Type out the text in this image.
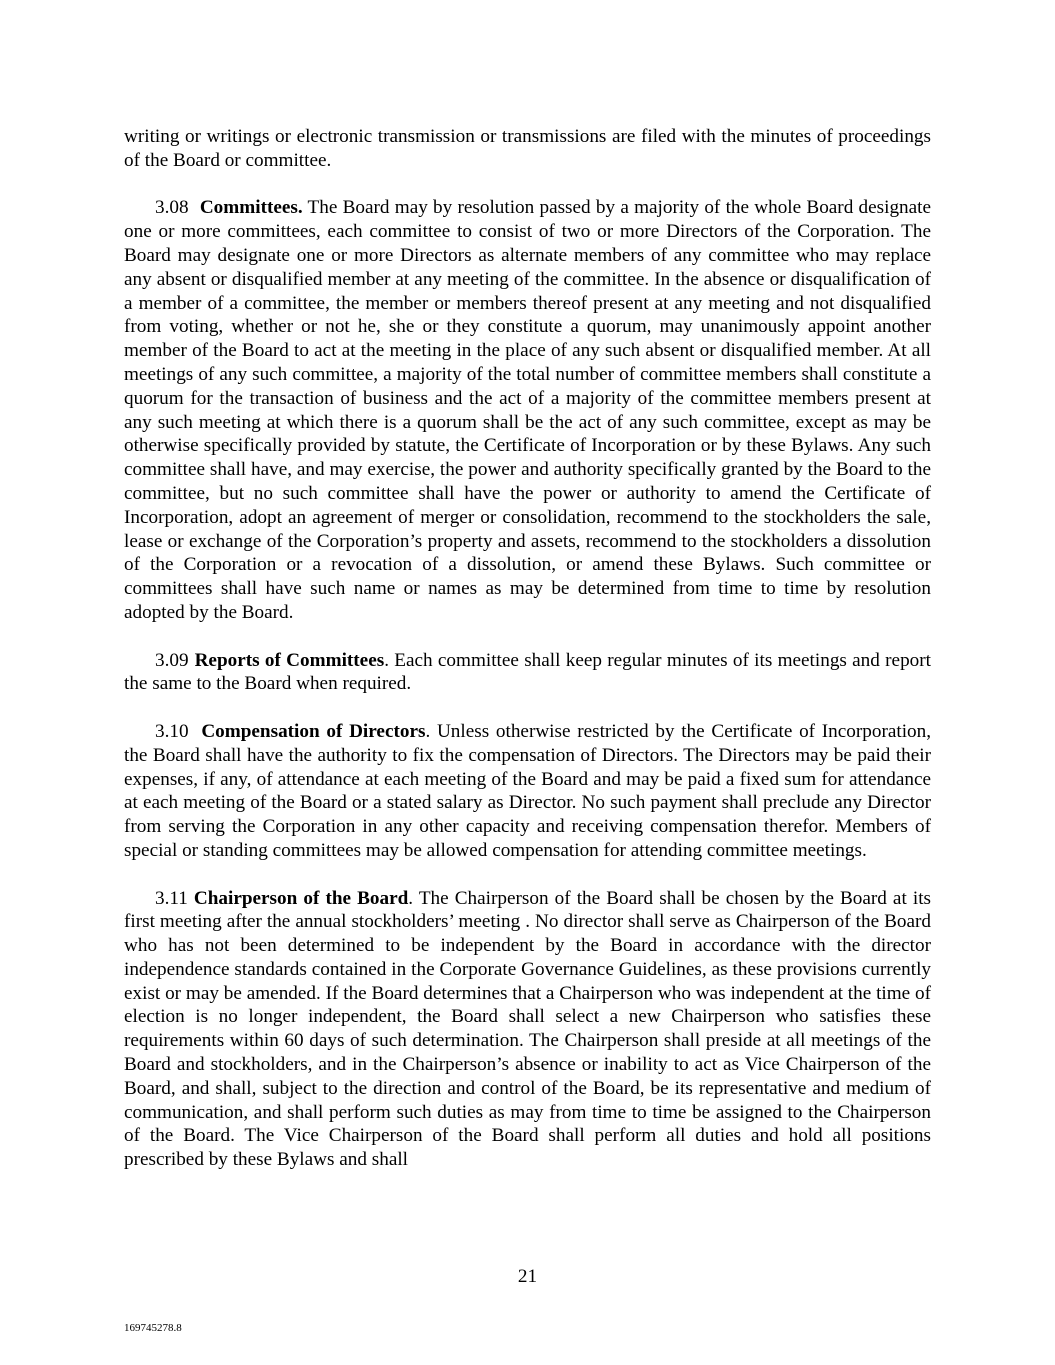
writing or writings or electronic transmission or transmissions are filed with the minutes of proceedings of the Board or committee.

3.08 Committees. The Board may by resolution passed by a majority of the whole Board designate one or more committees, each committee to consist of two or more Directors of the Corporation. The Board may designate one or more Directors as alternate members of any committee who may replace any absent or disqualified member at any meeting of the committee. In the absence or disqualification of a member of a committee, the member or members thereof present at any meeting and not disqualified from voting, whether or not he, she or they constitute a quorum, may unanimously appoint another member of the Board to act at the meeting in the place of any such absent or disqualified member. At all meetings of any such committee, a majority of the total number of committee members shall constitute a quorum for the transaction of business and the act of a majority of the committee members present at any such meeting at which there is a quorum shall be the act of any such committee, except as may be otherwise specifically provided by statute, the Certificate of Incorporation or by these Bylaws. Any such committee shall have, and may exercise, the power and authority specifically granted by the Board to the committee, but no such committee shall have the power or authority to amend the Certificate of Incorporation, adopt an agreement of merger or consolidation, recommend to the stockholders the sale, lease or exchange of the Corporation’s property and assets, recommend to the stockholders a dissolution of the Corporation or a revocation of a dissolution, or amend these Bylaws. Such committee or committees shall have such name or names as may be determined from time to time by resolution adopted by the Board.

3.09 Reports of Committees. Each committee shall keep regular minutes of its meetings and report the same to the Board when required.

3.10 Compensation of Directors. Unless otherwise restricted by the Certificate of Incorporation, the Board shall have the authority to fix the compensation of Directors. The Directors may be paid their expenses, if any, of attendance at each meeting of the Board and may be paid a fixed sum for attendance at each meeting of the Board or a stated salary as Director. No such payment shall preclude any Director from serving the Corporation in any other capacity and receiving compensation therefor. Members of special or standing committees may be allowed compensation for attending committee meetings.

3.11 Chairperson of the Board. The Chairperson of the Board shall be chosen by the Board at its first meeting after the annual stockholders’ meeting . No director shall serve as Chairperson of the Board who has not been determined to be independent by the Board in accordance with the director independence standards contained in the Corporate Governance Guidelines, as these provisions currently exist or may be amended. If the Board determines that a Chairperson who was independent at the time of election is no longer independent, the Board shall select a new Chairperson who satisfies these requirements within 60 days of such determination. The Chairperson shall preside at all meetings of the Board and stockholders, and in the Chairperson’s absence or inability to act as Vice Chairperson of the Board, and shall, subject to the direction and control of the Board, be its representative and medium of communication, and shall perform such duties as may from time to time be assigned to the Chairperson of the Board. The Vice Chairperson of the Board shall perform all duties and hold all positions prescribed by these Bylaws and shall

21
169745278.8
